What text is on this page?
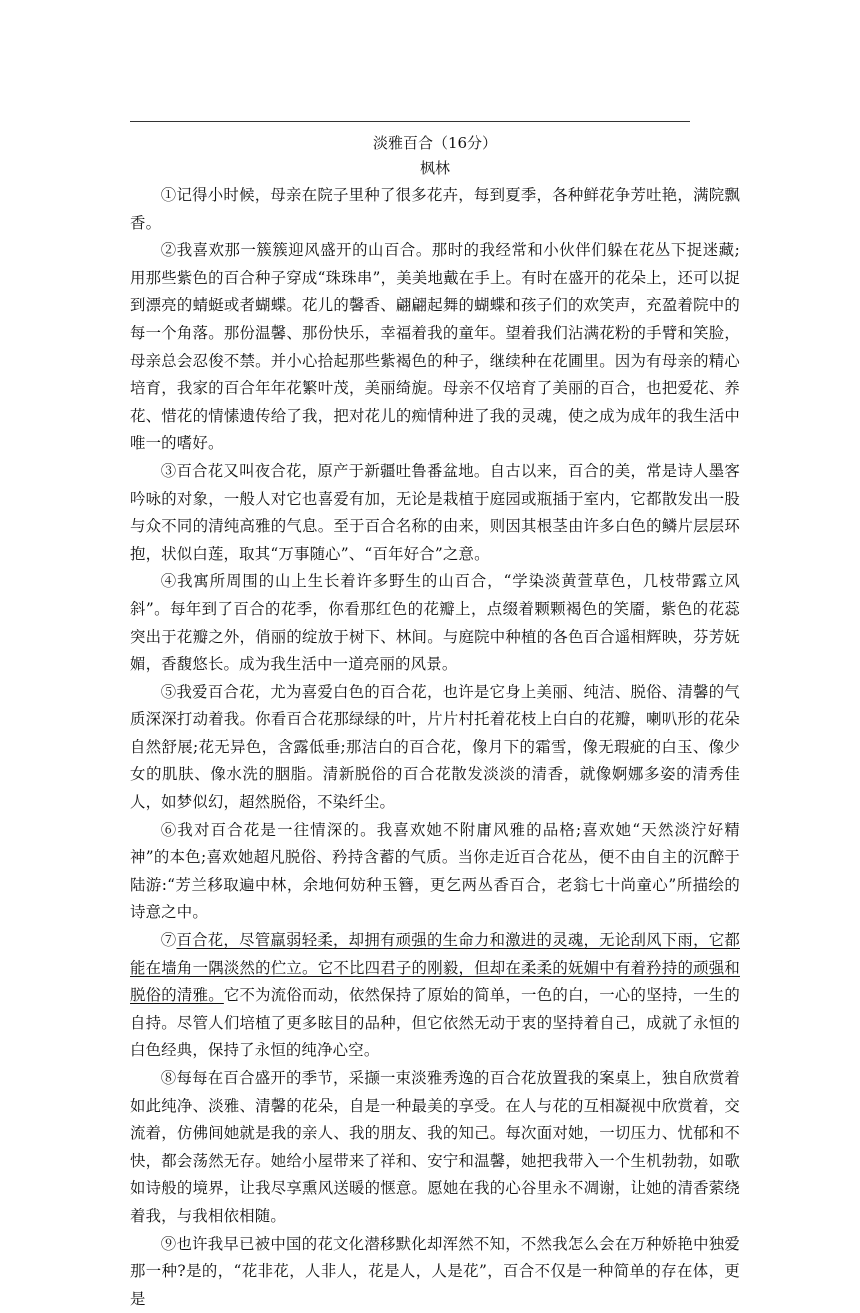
淡雅百合（16分）

枫林

①记得小时候，母亲在院子里种了很多花卉，每到夏季，各种鲜花争芳吐艳，满院飘香。

②我喜欢那一簇簇迎风盛开的山百合。那时的我经常和小伙伴们躲在花丛下捉迷藏;用那些紫色的百合种子穿成“珠珠串”，美美地戴在手上。有时在盛开的花朵上，还可以捉到漂亮的蜻蜓或者蝴蝶。花儿的馨香、翩翩起舞的蝴蝶和孩子们的欢笑声，充盈着院中的每一个角落。那份温馨、那份快乐，幸福着我的童年。望着我们沾满花粉的手臂和笑脸，母亲总会忍俊不禁。并小心拾起那些紫褐色的种子，继续种在花圃里。因为有母亲的精心培育，我家的百合年年花繁叶茂，美丽绮旎。母亲不仅培育了美丽的百合，也把爱花、养花、惜花的情愫遗传给了我，把对花儿的痴情种进了我的灵魂，使之成为成年的我生活中唯一的嗜好。

③百合花又叫夜合花，原产于新疆吐鲁番盆地。自古以来，百合的美，常是诗人墨客吟咏的对象，一般人对它也喜爱有加，无论是栽植于庭园或瓶插于室内，它都散发出一股与众不同的清纯高雅的气息。至于百合名称的由来，则因其根茎由许多白色的鳞片层层环抱，状似白莲，取其“万事随心”、“百年好合”之意。

④我寓所周围的山上生长着许多野生的山百合，“学染淡黄萱草色，几枝带露立风斜”。每年到了百合的花季，你看那红色的花瓣上，点缀着颗颗褐色的笑靥，紫色的花蕊突出于花瓣之外，俏丽的绽放于树下、林间。与庭院中种植的各色百合遥相辉映，芬芳妩媚，香馥悠长。成为我生活中一道亮丽的风景。

⑤我爱百合花，尤为喜爱白色的百合花，也许是它身上美丽、纯洁、脱俗、清馨的气质深深打动着我。你看百合花那绿绿的叶，片片村托着花枝上白白的花瓣，喇叭形的花朵自然舒展;花无异色，含露低垂;那洁白的百合花，像月下的霜雪，像无瑕疵的白玉、像少女的肌肤、像水洗的胭脂。清新脱俗的百合花散发淡淡的清香，就像婀娜多姿的清秀佳人，如梦似幻，超然脱俗，不染纤尘。

⑥我对百合花是一往情深的。我喜欢她不附庸风雅的品格;喜欢她“天然淡泞好精神”的本色;喜欢她超凡脱俗、矜持含蓄的气质。当你走近百合花丛，便不由自主的沉醉于陆游:“芳兰移取遍中林，余地何妨种玉簪，更乞两丛香百合，老翁七十尚童心”所描绘的诗意之中。

⑦百合花，尽管羸弱轻柔，却拥有顽强的生命力和激进的灵魂，无论刮风下雨，它都能在墙角一隅淡然的伫立。它不比四君子的刚毅，但却在柔柔的妩媚中有着矜持的顽强和脱俗的清雅。它不为流俗而动，依然保持了原始的简单，一色的白，一心的坚持，一生的自持。尽管人们培植了更多眩目的品种，但它依然无动于衷的坚持着自己，成就了永恒的白色经典，保持了永恒的纯净心空。

⑧每每在百合盛开的季节，采撷一束淡雅秀逸的百合花放置我的案桌上，独自欣赏着如此纯净、淡雅、清馨的花朵，自是一种最美的享受。在人与花的互相凝视中欣赏着，交流着，仿佛间她就是我的亲人、我的朋友、我的知己。每次面对她，一切压力、忧郁和不快，都会荡然无存。她给小屋带来了祥和、安宁和温馨，她把我带入一个生机勃勃，如歌如诗般的境界，让我尽享熏风送暖的惬意。愿她在我的心谷里永不凋谢，让她的清香萦绕着我，与我相依相随。

⑨也许我早已被中国的花文化潜移默化却浑然不知，不然我怎么会在万种娇艳中独爱那一种?是的，“花非花，人非人，花是人，人是花”，百合不仅是一种简单的存在体，更是
